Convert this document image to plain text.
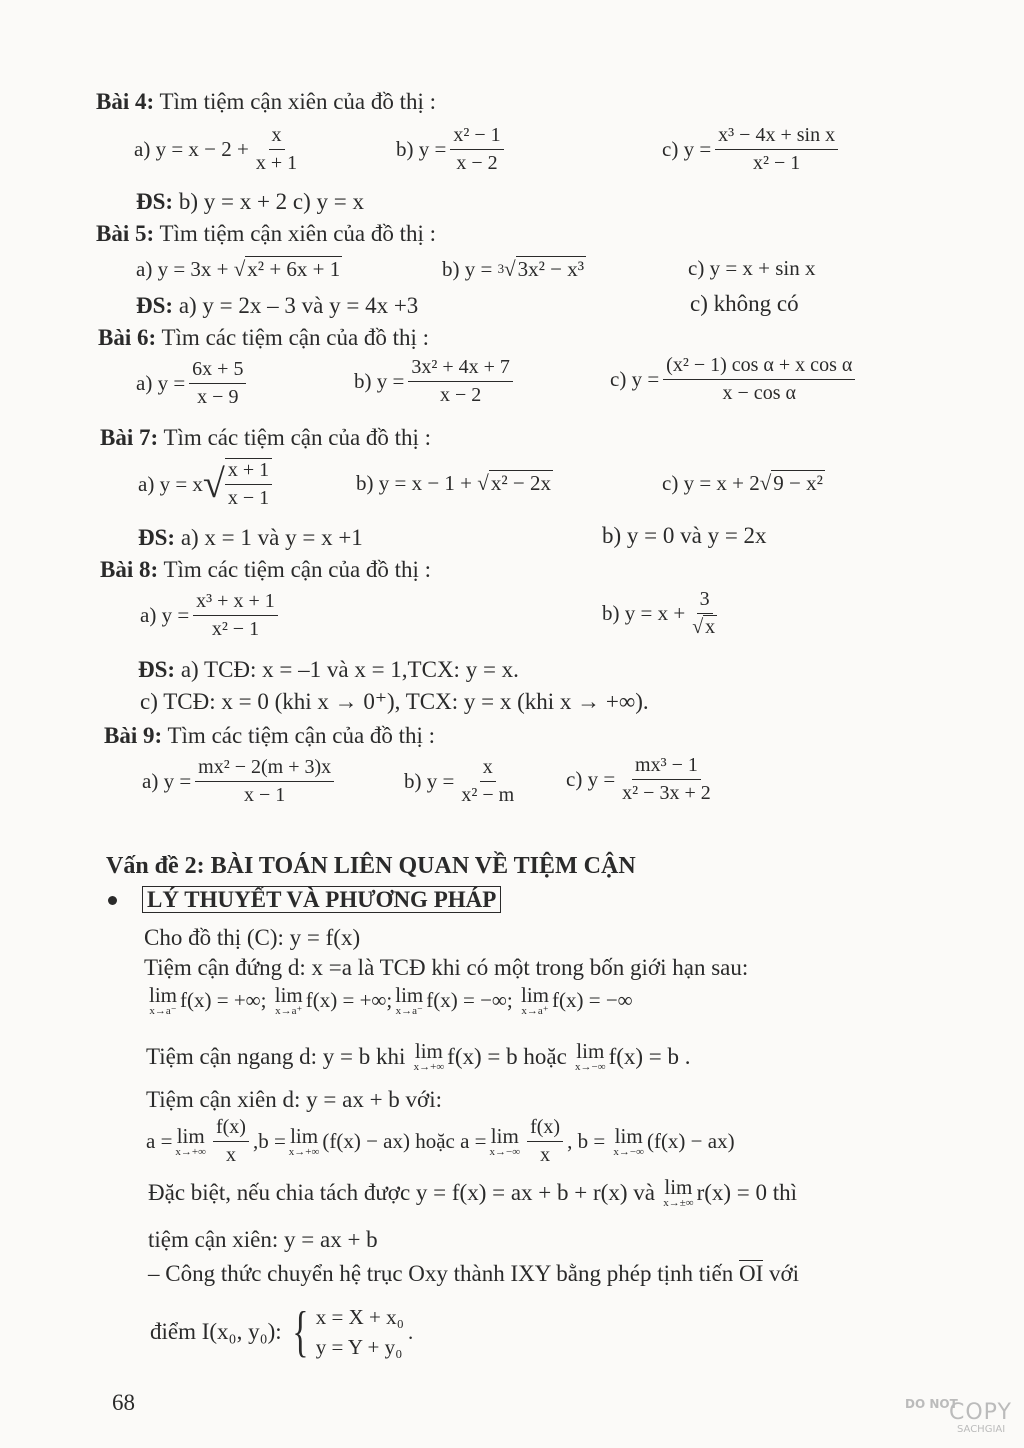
Bài 4: Tìm tiệm cận xiên của đồ thị :
a)
$y = x - 2 + \frac{x}{x + 1}$	b)
$y = \frac{\text{x² − 1}}{x - 2}$	c)
$y = \frac{\text{x³ − 4x + sin x}}{\text{x² − 1}}$
ĐS: b) y = x + 2 c) y = x
Bài 5: Tìm tiệm cận xiên của đồ thị :
a) y = 3x + √ x² + 6x + 1	b) y =
3 √ 3x² − x³	c) y = x + sin x
ĐS: a) y = 2x – 3 và y = 4x +3	c) không có
Bài 6: Tìm các tiệm cận của đồ thị :
a) $y = \frac{6x + 5}{x - 9}$	b) $y = \frac{\text{3x² + 4x + 7}}{x - 2}$	c) $y = \frac{\text{(x² − 1) cos α + x cos α}}{\text{x − cos α}}$
Bài 7: Tìm các tiệm cận của đồ thị :
a) y = x √ $\frac{x + 1}{x - 1}$	b) y = x − 1 + √ x² − 2x	c) y = x + 2 √ 9 − x²
ĐS: a) x = 1 và y = x +1	b) y = 0 và y = 2x
Bài 8: Tìm các tiệm cận của đồ thị :
a) $y = \frac{\text{x³ + x + 1}}{\text{x² − 1}}$	b) $y = x + \frac{3}{√ x}$
ĐS: a) TCĐ: x = –1 và x = 1,TCX: y = x.
c) TCĐ: x = 0 (khi x → 0⁺), TCX: y = x (khi x → +∞).
Bài 9: Tìm các tiệm cận của đồ thị :
a) $y = \frac{\text{mx² − 2(m + 3)x}}{x - 1}$	b) $y = \frac{x}{\text{x² − m}} c$) $y = \frac{\text{mx³ − 1}}{\text{x² − 3x + 2}}$
Vấn đề 2: BÀI TOÁN LIÊN QUAN VỀ TIỆM CẬN
LÝ THUYẾT VÀ PHƯƠNG PHÁP
Cho đồ thị (C): y = f(x)
Tiệm cận đứng d: x =a là TCĐ khi có một trong bốn giới hạn sau:
lim
x→a⁻ f(x) = +∞;
lim
x→a⁺ f(x) = +∞; lim
x→a⁻ f(x) = −∞;
lim
x→a⁺ f(x) = −∞
Tiệm cận ngang d: y = b khi
lim
x→+∞ f(x) = b hoặc
lim
x→−∞ f(x) = b .
Tiệm cận xiên d: y = ax + b với:
a = lim
$x\to+\infty \frac{f(x)}{x} ,b = \lim$
x→+∞ (f(x) − ax) hoặc a = lim
$x\to-\infty \frac{f(x)}{x}$ , b =
lim
x→−∞ (f(x) − ax)
Đặc biệt, nếu chia tách được y = f(x) = ax + b + r(x) và
lim
x→±∞ r(x) = 0 thì
tiệm cận xiên: y = ax + b
– Công thức chuyển hệ trục Oxy thành IXY bằng phép tịnh tiến OI với
điểm I(x₀, y₀):
{ x = X + x₀
y = Y + y₀
.
68	DO NOT
COPY
SACHGIAI
